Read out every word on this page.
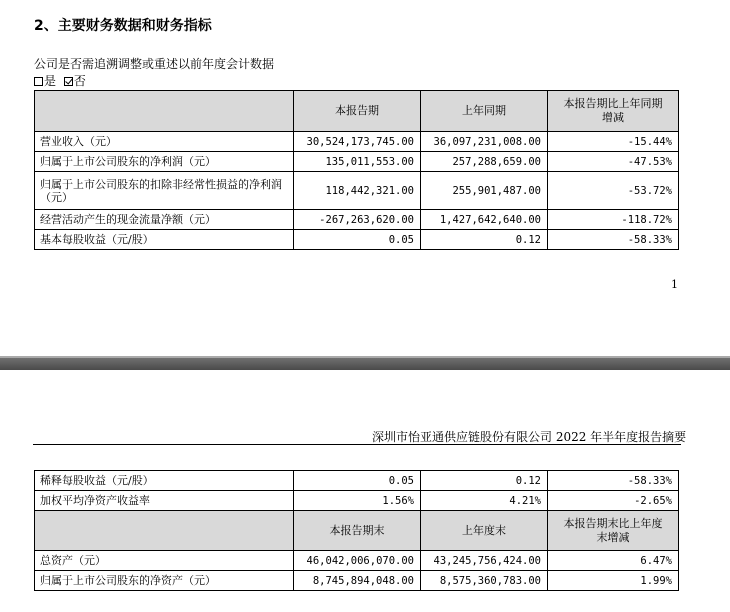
2、主要财务数据和财务指标
公司是否需追溯调整或重述以前年度会计数据
是 否
	本报告期	上年同期	本报告期比上年同期
增减
营业收入（元）	30,524,173,745.00	36,097,231,008.00	-15.44%
归属于上市公司股东的净利润（元）	135,011,553.00	257,288,659.00	-47.53%
归属于上市公司股东的扣除非经常性损益的净利润（元）	118,442,321.00	255,901,487.00	-53.72%
经营活动产生的现金流量净额（元）	-267,263,620.00	1,427,642,640.00	-118.72%
基本每股收益（元/股）	0.05	0.12	-58.33%
1
深圳市怡亚通供应链股份有限公司 2022 年半年度报告摘要
稀释每股收益（元/股）	0.05	0.12	-58.33%
加权平均净资产收益率	1.56%	4.21%	-2.65%
	本报告期末	上年度末	本报告期末比上年度
末增减
总资产（元）	46,042,006,070.00	43,245,756,424.00	6.47%
归属于上市公司股东的净资产（元）	8,745,894,048.00	8,575,360,783.00	1.99%
